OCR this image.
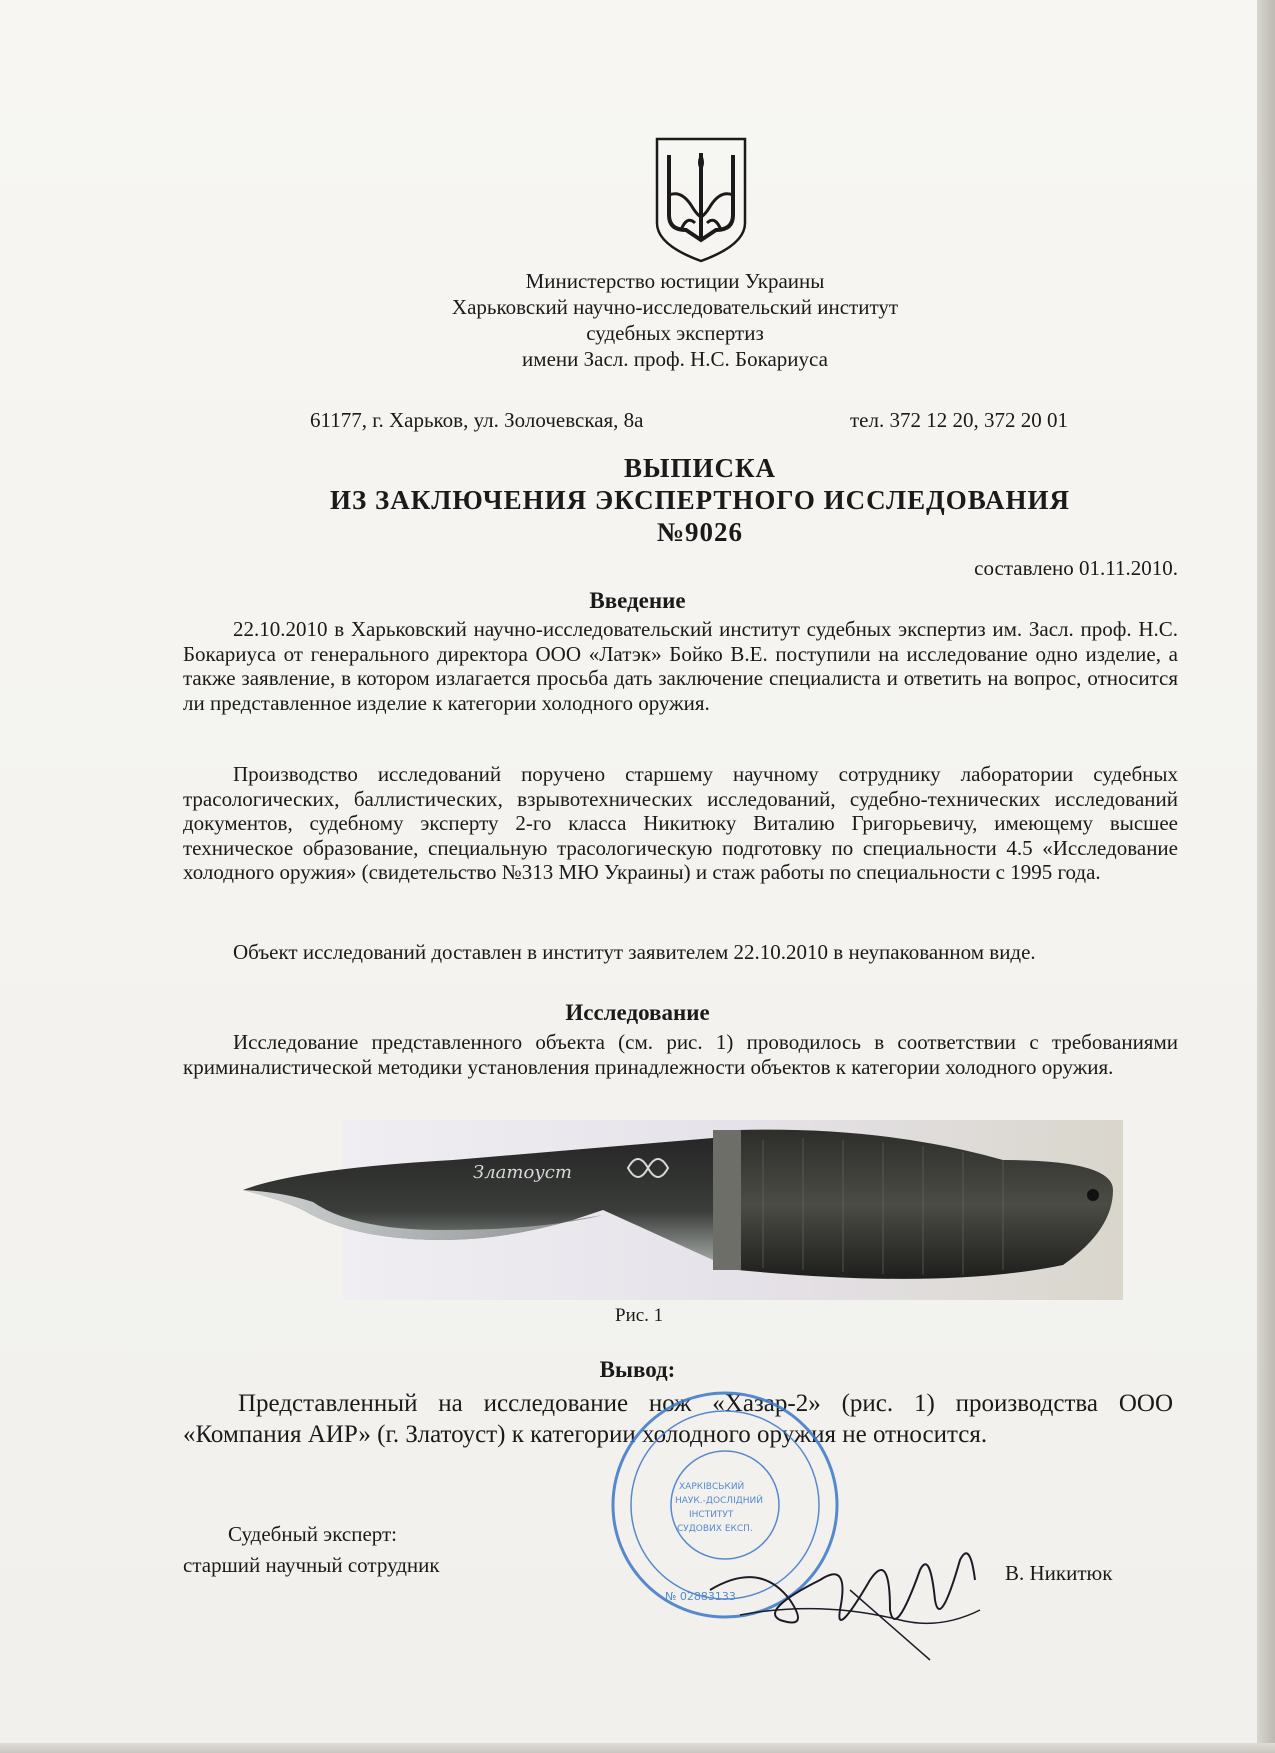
Министерство юстиции Украины
Харьковский научно-исследовательский институт
судебных экспертиз
имени Засл. проф. Н.С. Бокариуса
61177, г. Харьков, ул. Золочевская, 8а	тел. 372 12 20, 372 20 01
ВЫПИСКА
ИЗ ЗАКЛЮЧЕНИЯ ЭКСПЕРТНОГО ИССЛЕДОВАНИЯ
№9026
составлено 01.11.2010.
Введение
22.10.2010 в Харьковский научно-исследовательский институт судебных экспертиз им. Засл. проф. Н.С. Бокариуса от генерального директора ООО «Латэк» Бойко В.Е. поступили на исследование одно изделие, а также заявление, в котором излагается просьба дать заключение специалиста и ответить на вопрос, относится ли представленное изделие к категории холодного оружия.
Производство исследований поручено старшему научному сотруднику лаборатории судебных трасологических, баллистических, взрывотехнических исследований, судебно-технических исследований документов, судебному эксперту 2-го класса Никитюку Виталию Григорьевичу, имеющему высшее техническое образование, специальную трасологическую подготовку по специальности 4.5 «Исследование холодного оружия» (свидетельство №313 МЮ Украины) и стаж работы по специальности с 1995 года.
Объект исследований доставлен в институт заявителем 22.10.2010 в неупакованном виде.
Исследование
Исследование представленного объекта (см. рис. 1) проводилось в соответствии с требованиями криминалистической методики установления принадлежности объектов к категории холодного оружия.
Златоуст
Рис. 1
Вывод:
Представленный на исследование нож «Хазар-2» (рис. 1) производства ООО «Компания АИР» (г. Златоуст) к категории холодного оружия не относится.
ХАРКІВСЬКИЙ
НАУК.-ДОСЛІДНИЙ
ІНСТИТУТ
СУДОВИХ ЕКСП.
№ 02883133
Судебный эксперт:
старший научный сотрудник	В. Никитюк
